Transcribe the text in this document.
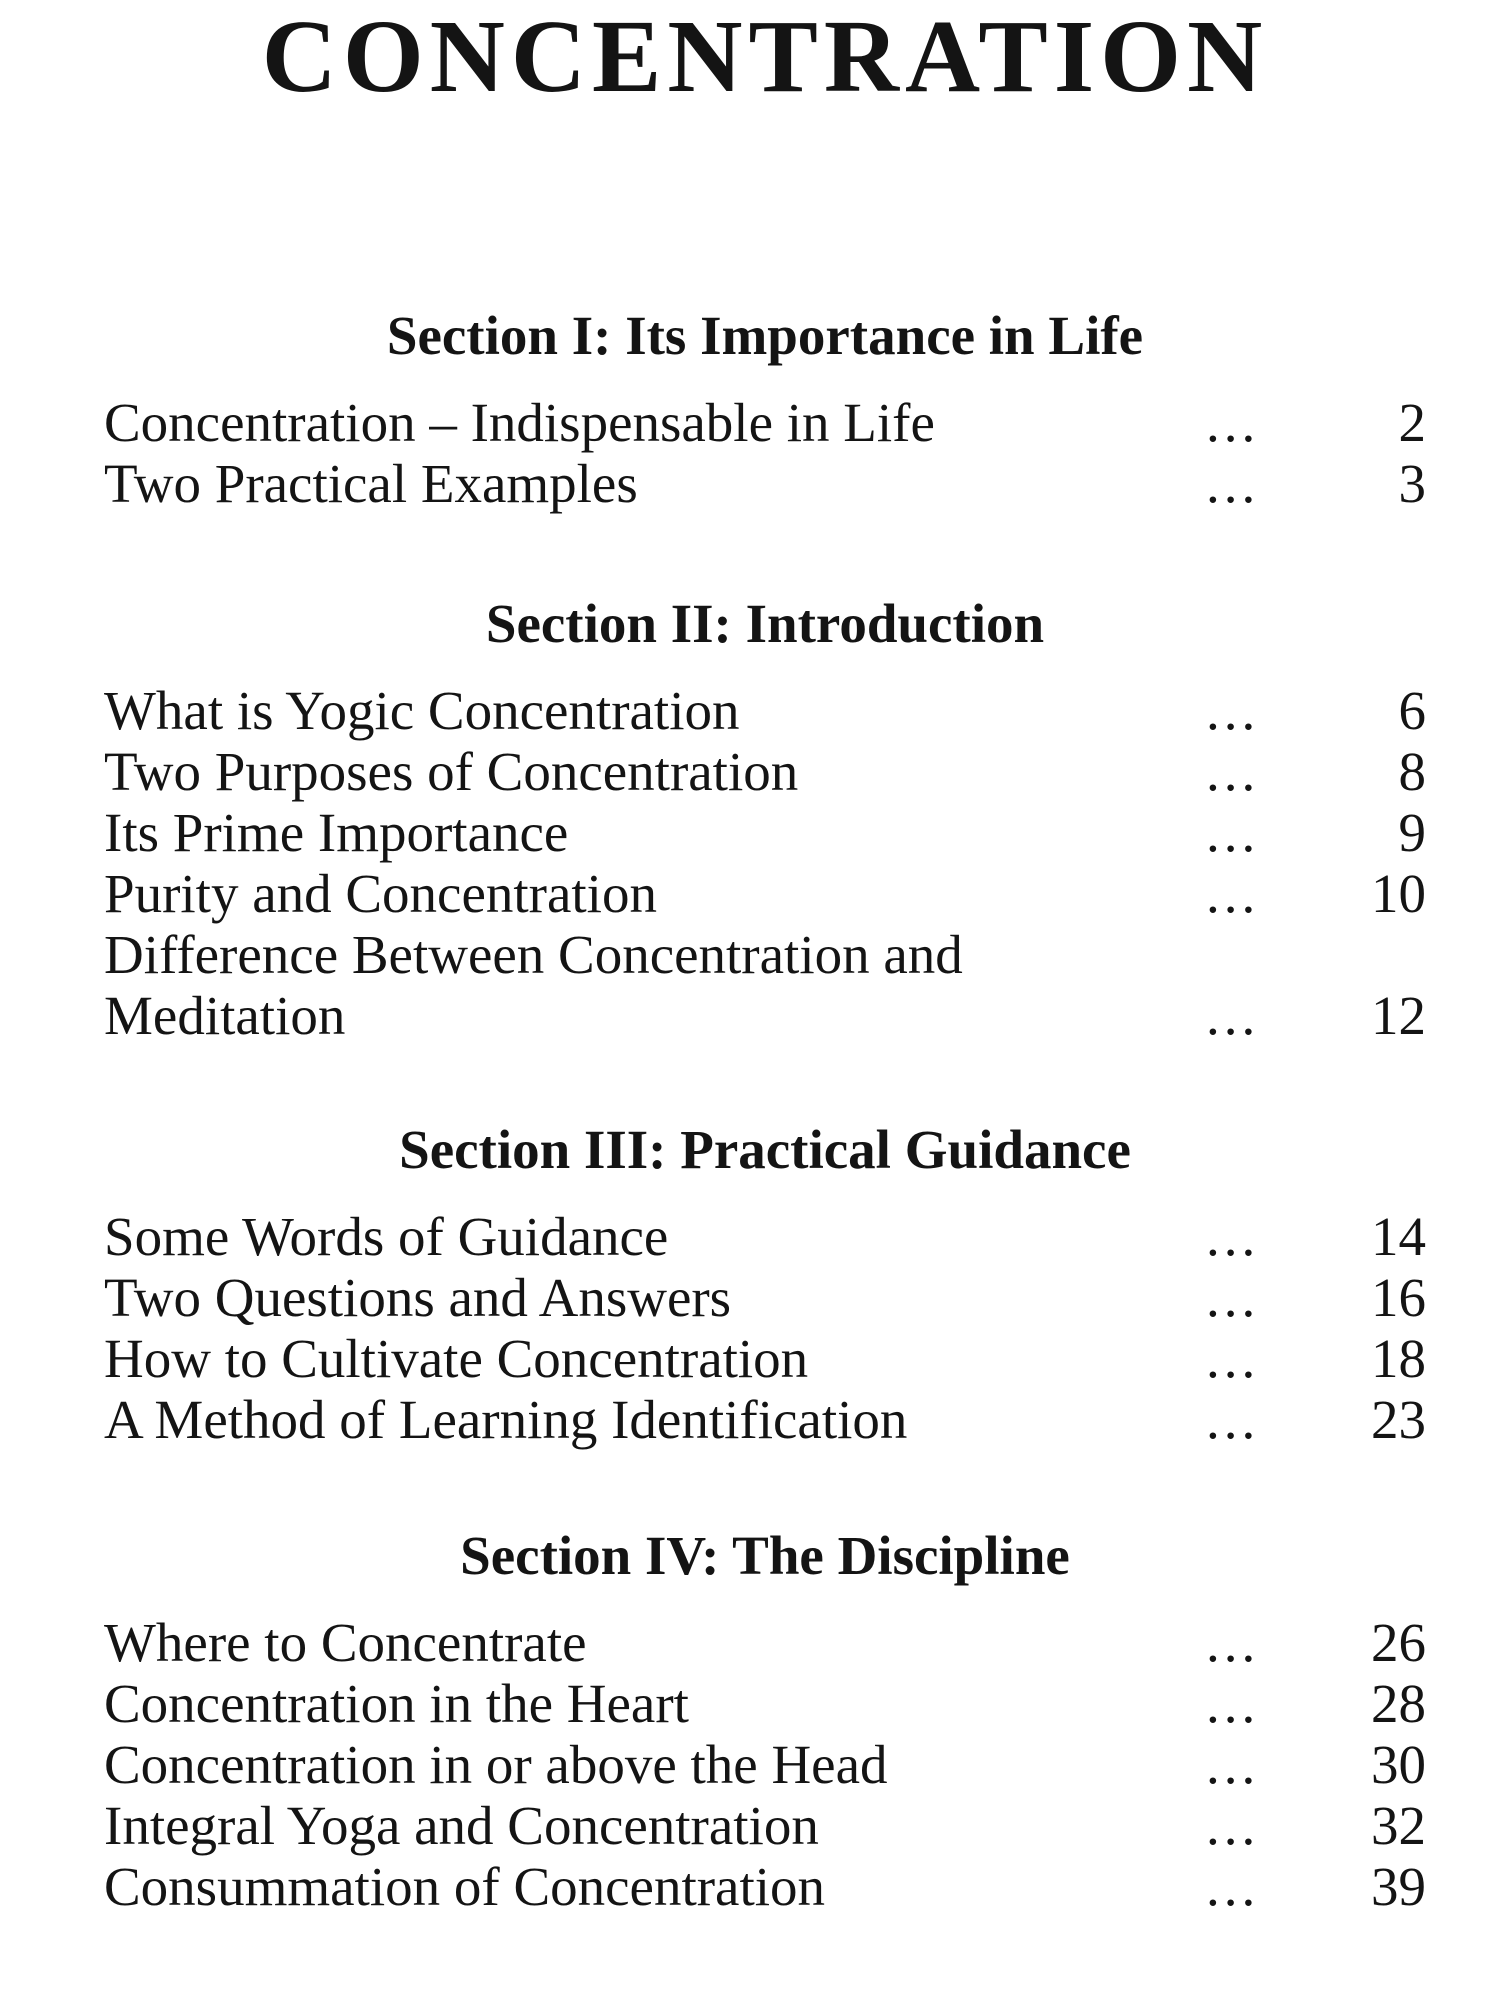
CONCENTRATION
Section I: Its Importance in Life
Concentration – Indispensable in Life	...	2
Two Practical Examples	...	3
Section II: Introduction
What is Yogic Concentration	...	6
Two Purposes of Concentration	...	8
Its Prime Importance	...	9
Purity and Concentration	...	10
Difference Between Concentration and Meditation	...	12
Section III: Practical Guidance
Some Words of Guidance	...	14
Two Questions and Answers	...	16
How to Cultivate Concentration	...	18
A Method of Learning Identification	...	23
Section IV: The Discipline
Where to Concentrate	...	26
Concentration in the Heart	...	28
Concentration in or above the Head	...	30
Integral Yoga and Concentration	...	32
Consummation of Concentration	...	39
